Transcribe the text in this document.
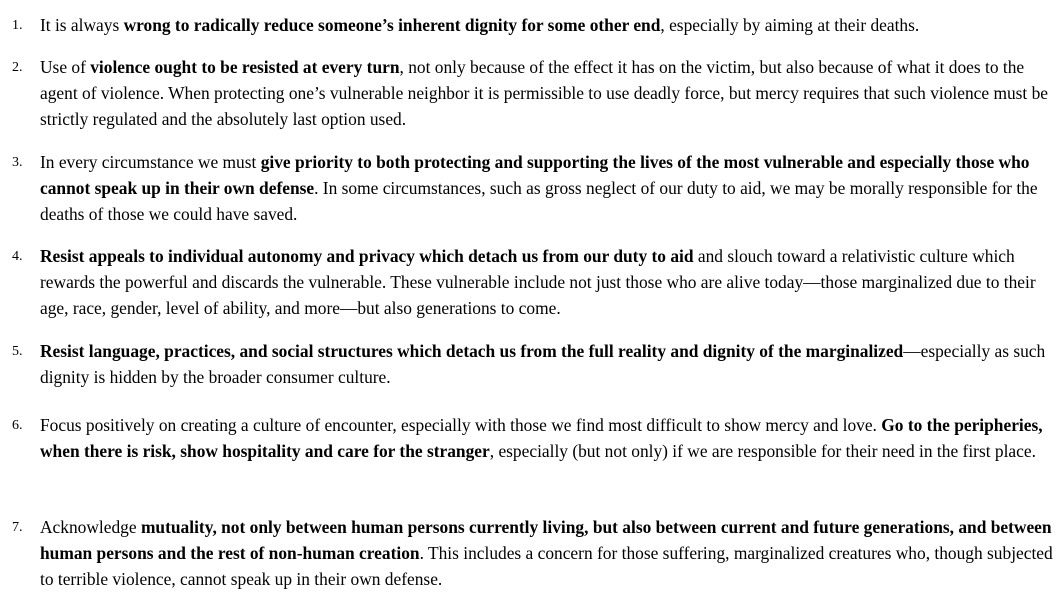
1.	It is always wrong to radically reduce someone’s inherent dignity for some other end, especially by aiming at their deaths.
2.	Use of violence ought to be resisted at every turn, not only because of the effect it has on the victim, but also because of what it does to the agent of violence. When protecting one’s vulnerable neighbor it is permissible to use deadly force, but mercy requires that such violence must be strictly regulated and the absolutely last option used.
3.	In every circumstance we must give priority to both protecting and supporting the lives of the most vulnerable and especially those who cannot speak up in their own defense. In some circumstances, such as gross neglect of our duty to aid, we may be morally responsible for the deaths of those we could have saved.
4.	Resist appeals to individual autonomy and privacy which detach us from our duty to aid and slouch toward a relativistic culture which rewards the powerful and discards the vulnerable. These vulnerable include not just those who are alive today—those marginalized due to their age, race, gender, level of ability, and more—but also generations to come.
5.	Resist language, practices, and social structures which detach us from the full reality and dignity of the marginalized—especially as such dignity is hidden by the broader consumer culture.
6.	Focus positively on creating a culture of encounter, especially with those we find most difficult to show mercy and love. Go to the peripheries, when there is risk, show hospitality and care for the stranger, especially (but not only) if we are responsible for their need in the first place.
7.	Acknowledge mutuality, not only between human persons currently living, but also between current and future generations, and between human persons and the rest of non-human creation. This includes a concern for those suffering, marginalized creatures who, though subjected to terrible violence, cannot speak up in their own defense.
